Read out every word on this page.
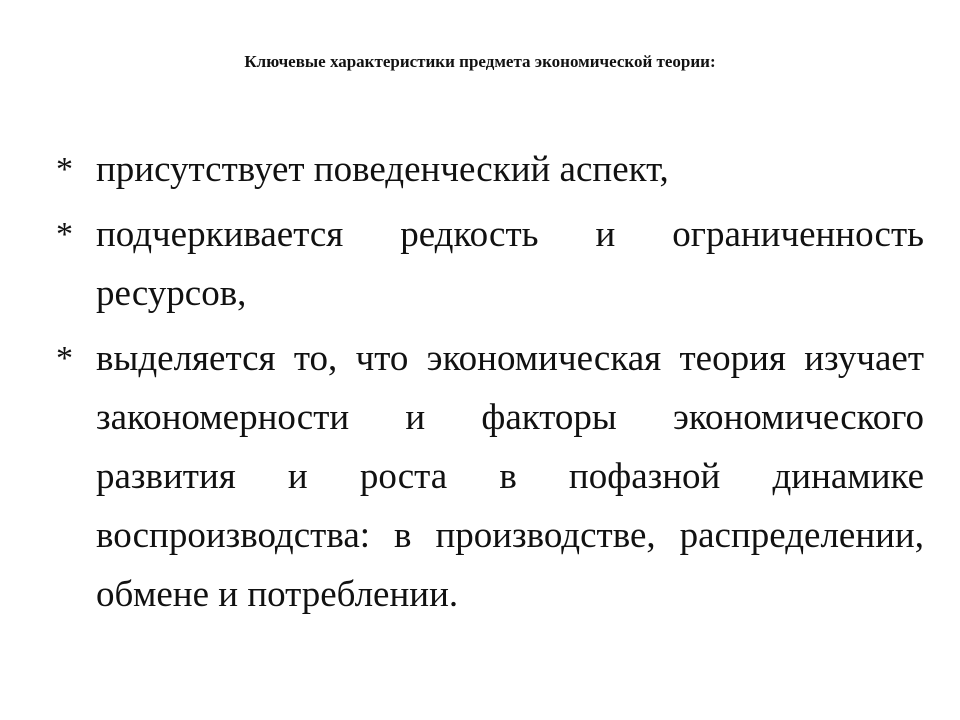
Ключевые характеристики предмета экономической теории:
* присутствует поведенческий аспект,
* подчеркивается редкость и ограниченность ресурсов,
* выделяется то, что экономическая теория изучает закономерности и факторы экономического развития и роста в пофазной динамике воспроизводства: в производстве, распределении, обмене и потреблении.
